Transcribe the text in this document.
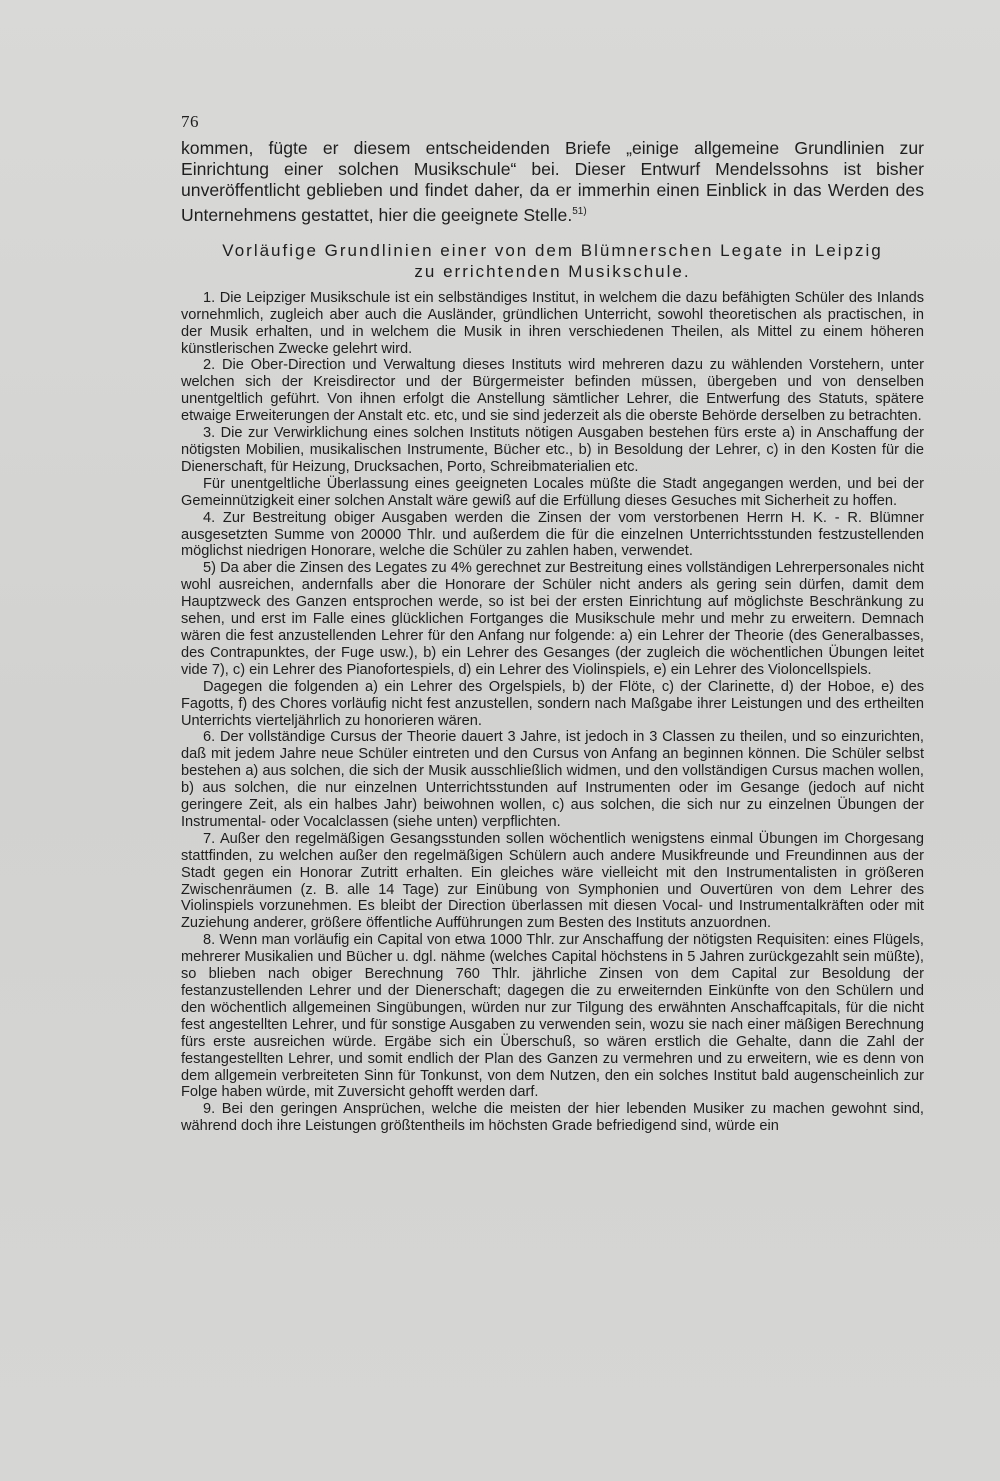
76

kommen, fügte er diesem entscheidenden Briefe „einige allgemeine Grundlinien zur Einrichtung einer solchen Musikschule“ bei. Dieser Entwurf Mendelssohns ist bisher unveröffentlicht geblieben und findet daher, da er immerhin einen Einblick in das Werden des Unternehmens gestattet, hier die geeignete Stelle.$^{51)}$

Vorläufige Grundlinien einer von dem Blümnerschen Legate in Leipzig
zu errichtenden Musikschule.

1. Die Leipziger Musikschule ist ein selbständiges Institut, in welchem die dazu befähigten Schüler des Inlands vornehmlich, zugleich aber auch die Ausländer, gründlichen Unterricht, sowohl theoretischen als practischen, in der Musik erhalten, und in welchem die Musik in ihren verschiedenen Theilen, als Mittel zu einem höheren künstlerischen Zwecke gelehrt wird.

2. Die Ober-Direction und Verwaltung dieses Instituts wird mehreren dazu zu wählenden Vorstehern, unter welchen sich der Kreisdirector und der Bürgermeister befinden müssen, übergeben und von denselben unentgeltlich geführt. Von ihnen erfolgt die Anstellung sämtlicher Lehrer, die Entwerfung des Statuts, spätere etwaige Erweiterungen der Anstalt etc. etc, und sie sind jederzeit als die oberste Behörde derselben zu betrachten.

3. Die zur Verwirklichung eines solchen Instituts nötigen Ausgaben bestehen fürs erste a) in Anschaffung der nötigsten Mobilien, musikalischen Instrumente, Bücher etc., b) in Besoldung der Lehrer, c) in den Kosten für die Dienerschaft, für Heizung, Drucksachen, Porto, Schreibmaterialien etc.

Für unentgeltliche Überlassung eines geeigneten Locales müßte die Stadt angegangen werden, und bei der Gemeinnützigkeit einer solchen Anstalt wäre gewiß auf die Erfüllung dieses Gesuches mit Sicherheit zu hoffen.

4. Zur Bestreitung obiger Ausgaben werden die Zinsen der vom verstorbenen Herrn H. K. - R. Blümner ausgesetzten Summe von 20000 Thlr. und außerdem die für die einzelnen Unterrichtsstunden festzustellenden möglichst niedrigen Honorare, welche die Schüler zu zahlen haben, verwendet.

5) Da aber die Zinsen des Legates zu 4% gerechnet zur Bestreitung eines vollständigen Lehrerpersonales nicht wohl ausreichen, andernfalls aber die Honorare der Schüler nicht anders als gering sein dürfen, damit dem Hauptzweck des Ganzen entsprochen werde, so ist bei der ersten Einrichtung auf möglichste Beschränkung zu sehen, und erst im Falle eines glücklichen Fortganges die Musikschule mehr und mehr zu erweitern. Demnach wären die fest anzustellenden Lehrer für den Anfang nur folgende: a) ein Lehrer der Theorie (des Generalbasses, des Contrapunktes, der Fuge usw.), b) ein Lehrer des Gesanges (der zugleich die wöchentlichen Übungen leitet vide 7), c) ein Lehrer des Pianofortespiels, d) ein Lehrer des Violinspiels, e) ein Lehrer des Violoncellspiels.

Dagegen die folgenden a) ein Lehrer des Orgelspiels, b) der Flöte, c) der Clarinette, d) der Hoboe, e) des Fagotts, f) des Chores vorläufig nicht fest anzustellen, sondern nach Maßgabe ihrer Leistungen und des ertheilten Unterrichts vierteljährlich zu honorieren wären.

6. Der vollständige Cursus der Theorie dauert 3 Jahre, ist jedoch in 3 Classen zu theilen, und so einzurichten, daß mit jedem Jahre neue Schüler eintreten und den Cursus von Anfang an beginnen können. Die Schüler selbst bestehen a) aus solchen, die sich der Musik ausschließlich widmen, und den vollständigen Cursus machen wollen, b) aus solchen, die nur einzelnen Unterrichtsstunden auf Instrumenten oder im Gesange (jedoch auf nicht geringere Zeit, als ein halbes Jahr) beiwohnen wollen, c) aus solchen, die sich nur zu einzelnen Übungen der Instrumental- oder Vocalclassen (siehe unten) verpflichten.

7. Außer den regelmäßigen Gesangsstunden sollen wöchentlich wenigstens einmal Übungen im Chorgesang stattfinden, zu welchen außer den regelmäßigen Schülern auch andere Musikfreunde und Freundinnen aus der Stadt gegen ein Honorar Zutritt erhalten. Ein gleiches wäre vielleicht mit den Instrumentalisten in größeren Zwischenräumen (z. B. alle 14 Tage) zur Einübung von Symphonien und Ouvertüren von dem Lehrer des Violinspiels vorzunehmen. Es bleibt der Direction überlassen mit diesen Vocal- und Instrumentalkräften oder mit Zuziehung anderer, größere öffentliche Aufführungen zum Besten des Instituts anzuordnen.

8. Wenn man vorläufig ein Capital von etwa 1000 Thlr. zur Anschaffung der nötigsten Requisiten: eines Flügels, mehrerer Musikalien und Bücher u. dgl. nähme (welches Capital höchstens in 5 Jahren zurückgezahlt sein müßte), so blieben nach obiger Berechnung 760 Thlr. jährliche Zinsen von dem Capital zur Besoldung der festanzustellenden Lehrer und der Dienerschaft; dagegen die zu erweiternden Einkünfte von den Schülern und den wöchentlich allgemeinen Singübungen, würden nur zur Tilgung des erwähnten Anschaffcapitals, für die nicht fest angestellten Lehrer, und für sonstige Ausgaben zu verwenden sein, wozu sie nach einer mäßigen Berechnung fürs erste ausreichen würde. Ergäbe sich ein Überschuß, so wären erstlich die Gehalte, dann die Zahl der festangestellten Lehrer, und somit endlich der Plan des Ganzen zu vermehren und zu erweitern, wie es denn von dem allgemein verbreiteten Sinn für Tonkunst, von dem Nutzen, den ein solches Institut bald augenscheinlich zur Folge haben würde, mit Zuversicht gehofft werden darf.

9. Bei den geringen Ansprüchen, welche die meisten der hier lebenden Musiker zu machen gewohnt sind, während doch ihre Leistungen größtentheils im höchsten Grade befriedigend sind, würde ein
